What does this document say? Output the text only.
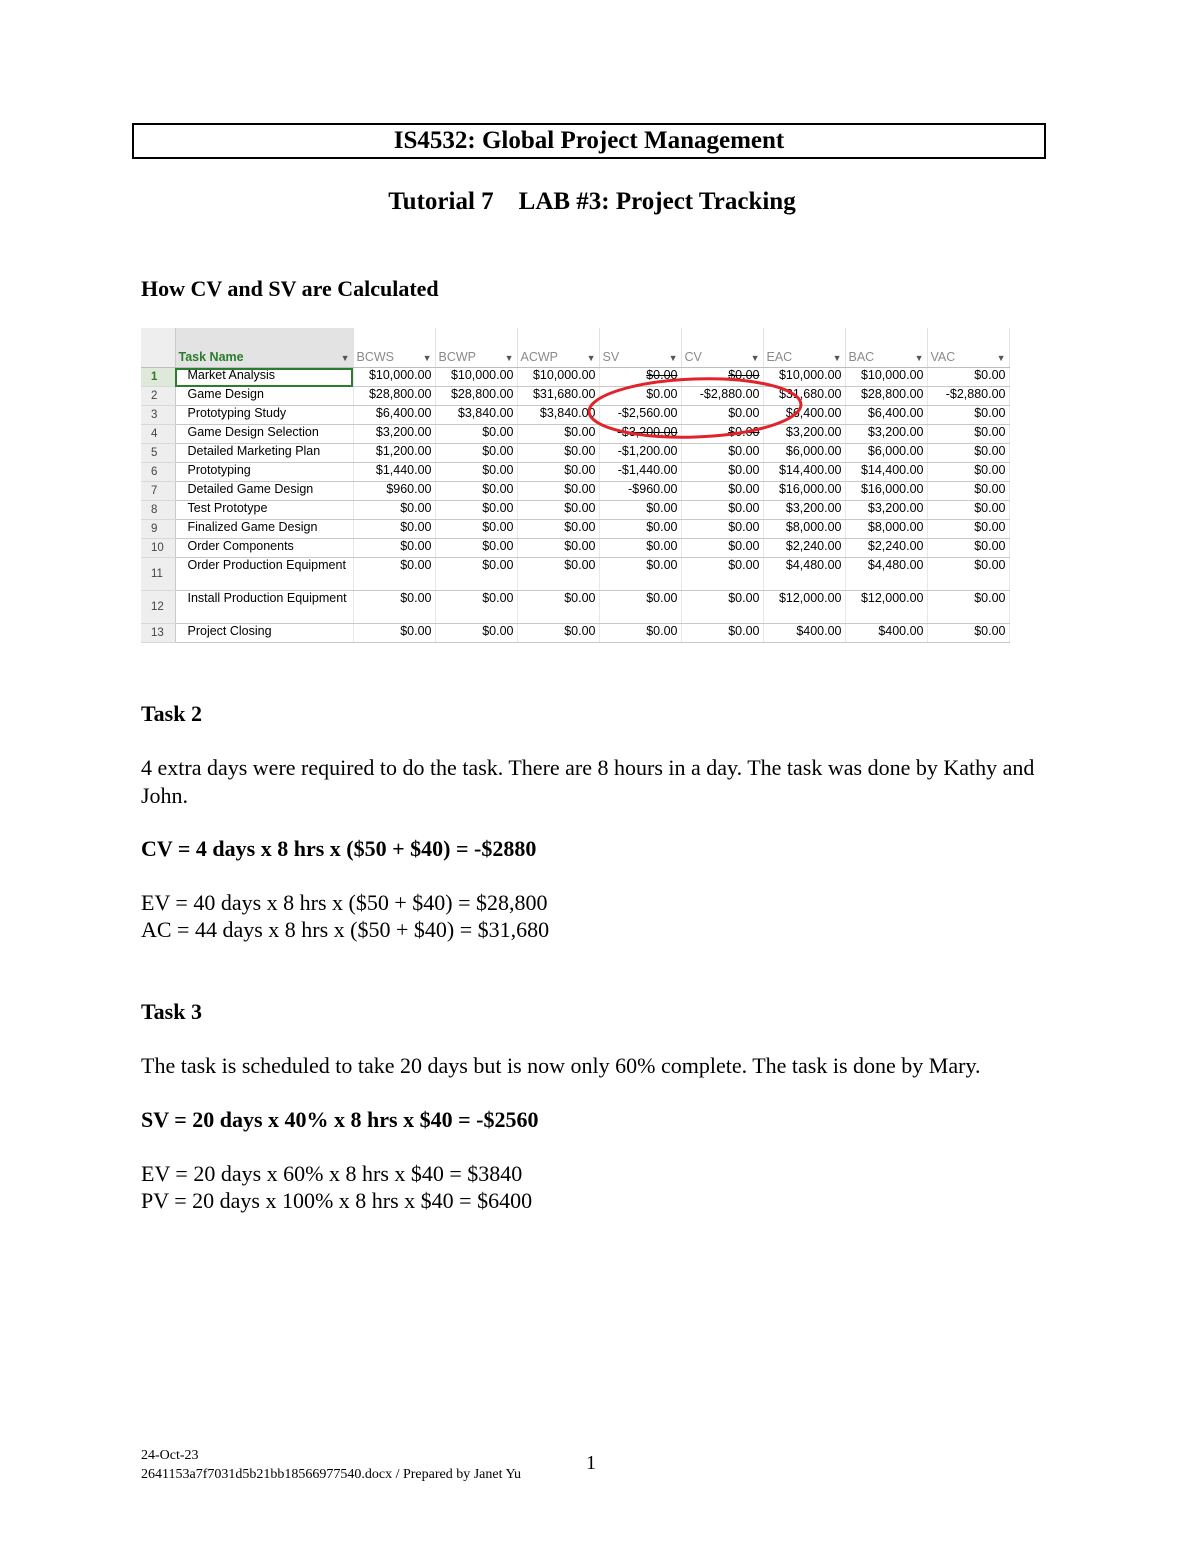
IS4532: Global Project Management
Tutorial 7    LAB #3: Project Tracking
How CV and SV are Calculated
	Task Name ▼	BCWS ▼	BCWP ▼	ACWP ▼	SV ▼	CV ▼	EAC ▼	BAC ▼	VAC ▼

1	Market Analysis	$10,000.00	$10,000.00	$10,000.00	$0.00	$0.00	$10,000.00	$10,000.00	$0.00
2	Game Design	$28,800.00	$28,800.00	$31,680.00	$0.00	-$2,880.00	$31,680.00	$28,800.00	-$2,880.00
3	Prototyping Study	$6,400.00	$3,840.00	$3,840.00	-$2,560.00	$0.00	$6,400.00	$6,400.00	$0.00
4	Game Design Selection	$3,200.00	$0.00	$0.00	-$3,200.00	$0.00	$3,200.00	$3,200.00	$0.00
5	Detailed Marketing Plan	$1,200.00	$0.00	$0.00	-$1,200.00	$0.00	$6,000.00	$6,000.00	$0.00
6	Prototyping	$1,440.00	$0.00	$0.00	-$1,440.00	$0.00	$14,400.00	$14,400.00	$0.00
7	Detailed Game Design	$960.00	$0.00	$0.00	-$960.00	$0.00	$16,000.00	$16,000.00	$0.00
8	Test Prototype	$0.00	$0.00	$0.00	$0.00	$0.00	$3,200.00	$3,200.00	$0.00
9	Finalized Game Design	$0.00	$0.00	$0.00	$0.00	$0.00	$8,000.00	$8,000.00	$0.00
10	Order Components	$0.00	$0.00	$0.00	$0.00	$0.00	$2,240.00	$2,240.00	$0.00
11	Order Production Equipment	$0.00	$0.00	$0.00	$0.00	$0.00	$4,480.00	$4,480.00	$0.00
12	Install Production Equipment	$0.00	$0.00	$0.00	$0.00	$0.00	$12,000.00	$12,000.00	$0.00
13	Project Closing	$0.00	$0.00	$0.00	$0.00	$0.00	$400.00	$400.00	$0.00
Task 2
4 extra days were required to do the task. There are 8 hours in a day. The task was done by Kathy and John.
CV = 4 days x 8 hrs x ($50 + $40) = -$2880
EV = 40 days x 8 hrs x ($50 + $40) = $28,800
AC = 44 days x 8 hrs x ($50 + $40) = $31,680
Task 3
The task is scheduled to take 20 days but is now only 60% complete. The task is done by Mary.
SV = 20 days x 40% x 8 hrs x $40 = -$2560
EV = 20 days x 60% x 8 hrs x $40 = $3840
PV = 20 days x 100% x 8 hrs x $40 = $6400
24-Oct-23
2641153a7f7031d5b21bb18566977540.docx / Prepared by Janet Yu
1
